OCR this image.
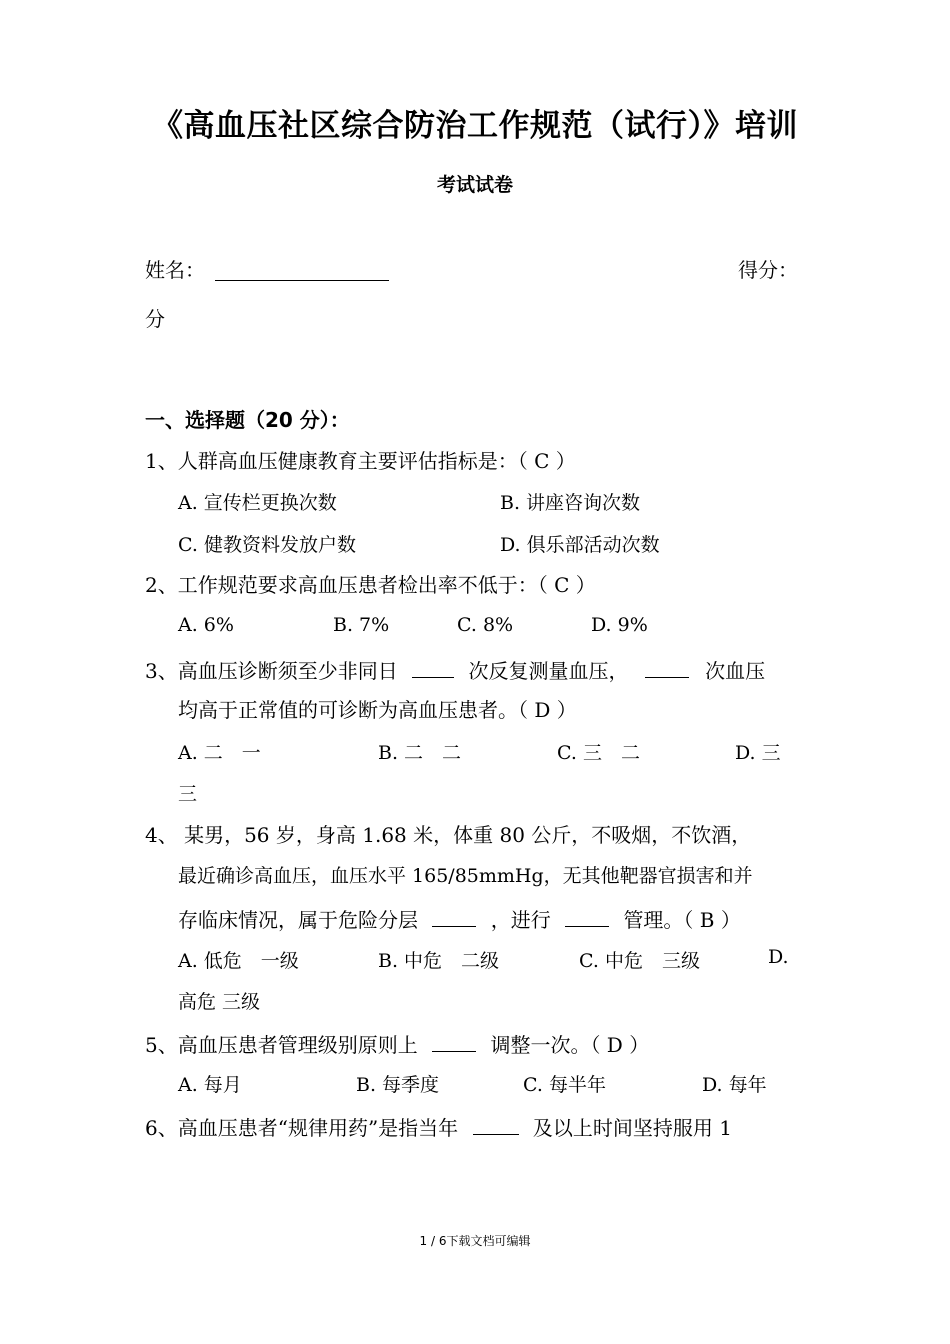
《高血压社区综合防治工作规范（试行）》培训
考试试卷
姓名：	得分：
分
一、选择题（20 分）：
1、人群高血压健康教育主要评估指标是：（ C ）
A. 宣传栏更换次数	B. 讲座咨询次数
C. 健教资料发放户数	D. 俱乐部活动次数
2、工作规范要求高血压患者检出率不低于：（ C ）
A. 6%	B. 7%	C. 8%	D. 9%
3、高血压诊断须至少非同日	次反复测量血压，	次血压
均高于正常值的可诊断为高血压患者。（ D ）
A. 二　一	B. 二　二	C. 三　二	D. 三
三
4、 某男，56 岁，身高 1.68 米，体重 80 公斤，不吸烟，不饮酒，
最近确诊高血压，血压水平 165/85mmHg，无其他靶器官损害和并
存临床情况，属于危险分层	，进行	管理。（ B ）
A. 低危　一级	B. 中危　二级	C. 中危　三级	D.
高危 三级
5、高血压患者管理级别原则上	调整一次。（ D ）
A. 每月	B. 每季度	C. 每半年	D. 每年
6、高血压患者“规律用药”是指当年	及以上时间坚持服用 1
1 / 6下载文档可编辑
